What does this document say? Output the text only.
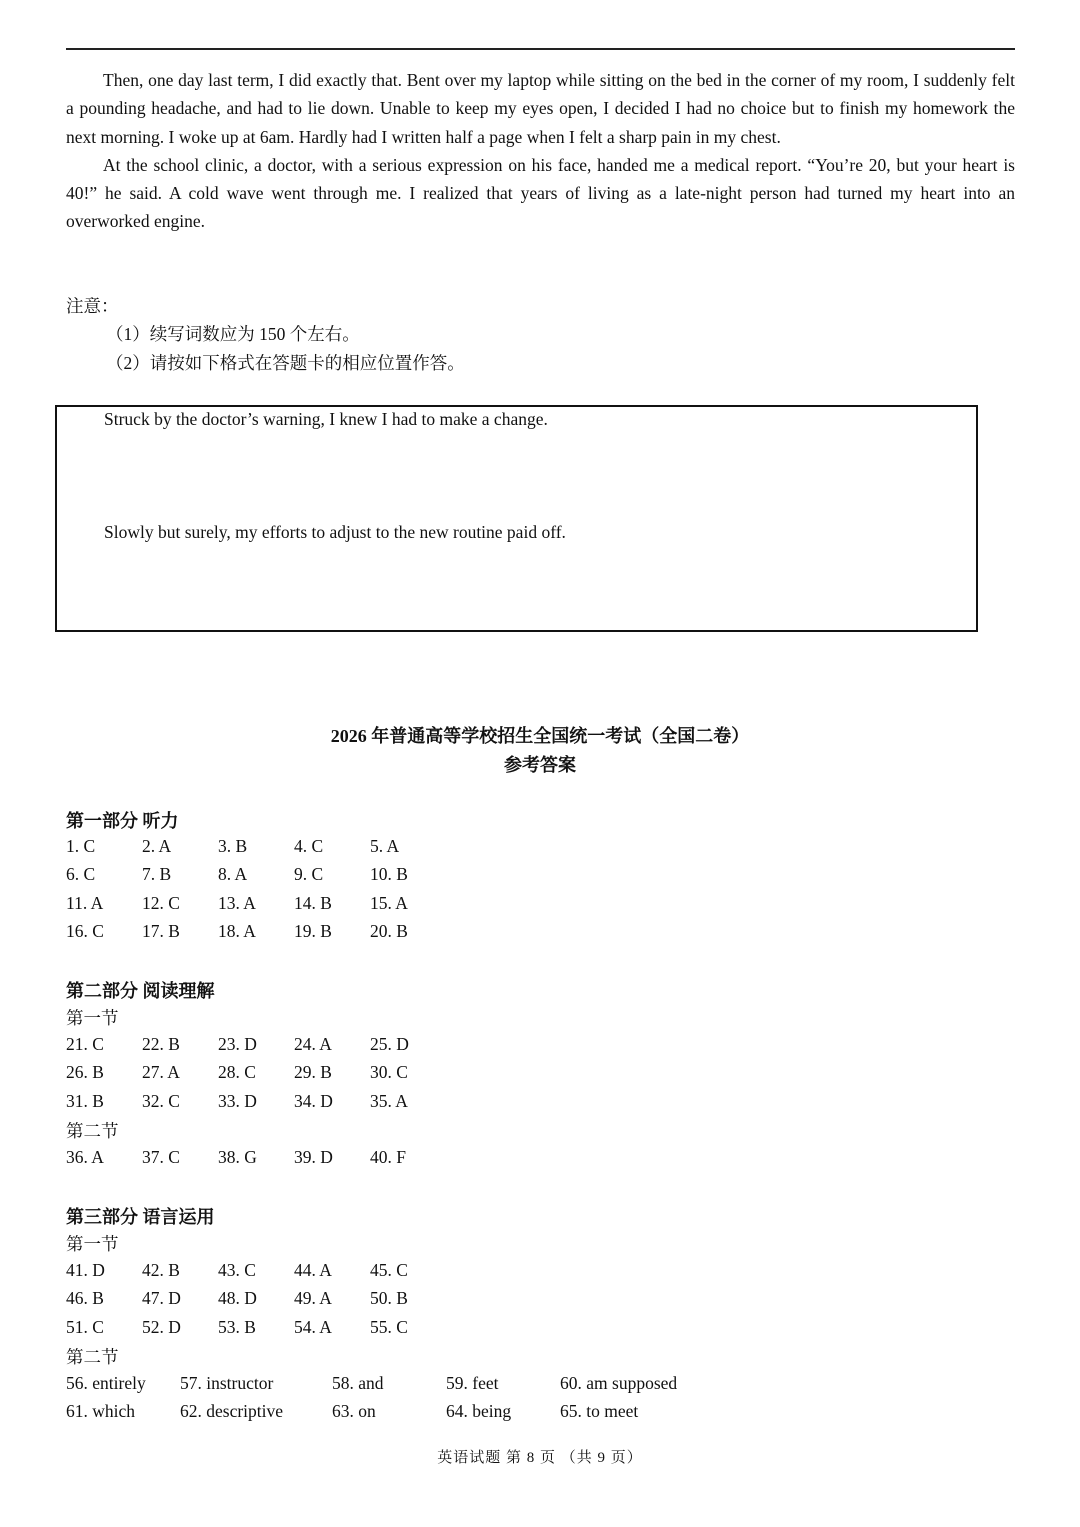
Then, one day last term, I did exactly that. Bent over my laptop while sitting on the bed in the corner of my room, I suddenly felt a pounding headache, and had to lie down. Unable to keep my eyes open, I decided I had no choice but to finish my homework the next morning. I woke up at 6am. Hardly had I written half a page when I felt a sharp pain in my chest.

At the school clinic, a doctor, with a serious expression on his face, handed me a medical report. “You’re 20, but your heart is 40!” he said. A cold wave went through me. I realized that years of living as a late-night person had turned my heart into an overworked engine.

注意：
（1）续写词数应为 150 个左右。
（2）请按如下格式在答题卡的相应位置作答。
Struck by the doctor’s warning, I knew I had to make a change.
Slowly but surely, my efforts to adjust to the new routine paid off.
2026 年普通高等学校招生全国统一考试（全国二卷）
参考答案
第一部分 听力
1. C	2. A	3. B	4. C	5. A
6. C	7. B	8. A	9. C	10. B
11. A 12. C 13. A 14. B 15. A
16. C 17. B 18. A 19. B 20. B
第二部分 阅读理解
第一节
21. C 22. B 23. D 24. A 25. D
26. B 27. A 28. C 29. B 30. C
31. B 32. C 33. D 34. D 35. A
第二节
36. A 37. C 38. G 39. D 40. F
第三部分 语言运用
第一节
41. D 42. B 43. C 44. A 45. C
46. B 47. D 48. D 49. A 50. B
51. C 52. D 53. B 54. A 55. C
第二节
56. entirely 57. instructor	58. and	59. feet	60. am supposed
61. which	62. descriptive	63. on	64. being	65. to meet
英语试题 第 8 页 （共 9 页）
